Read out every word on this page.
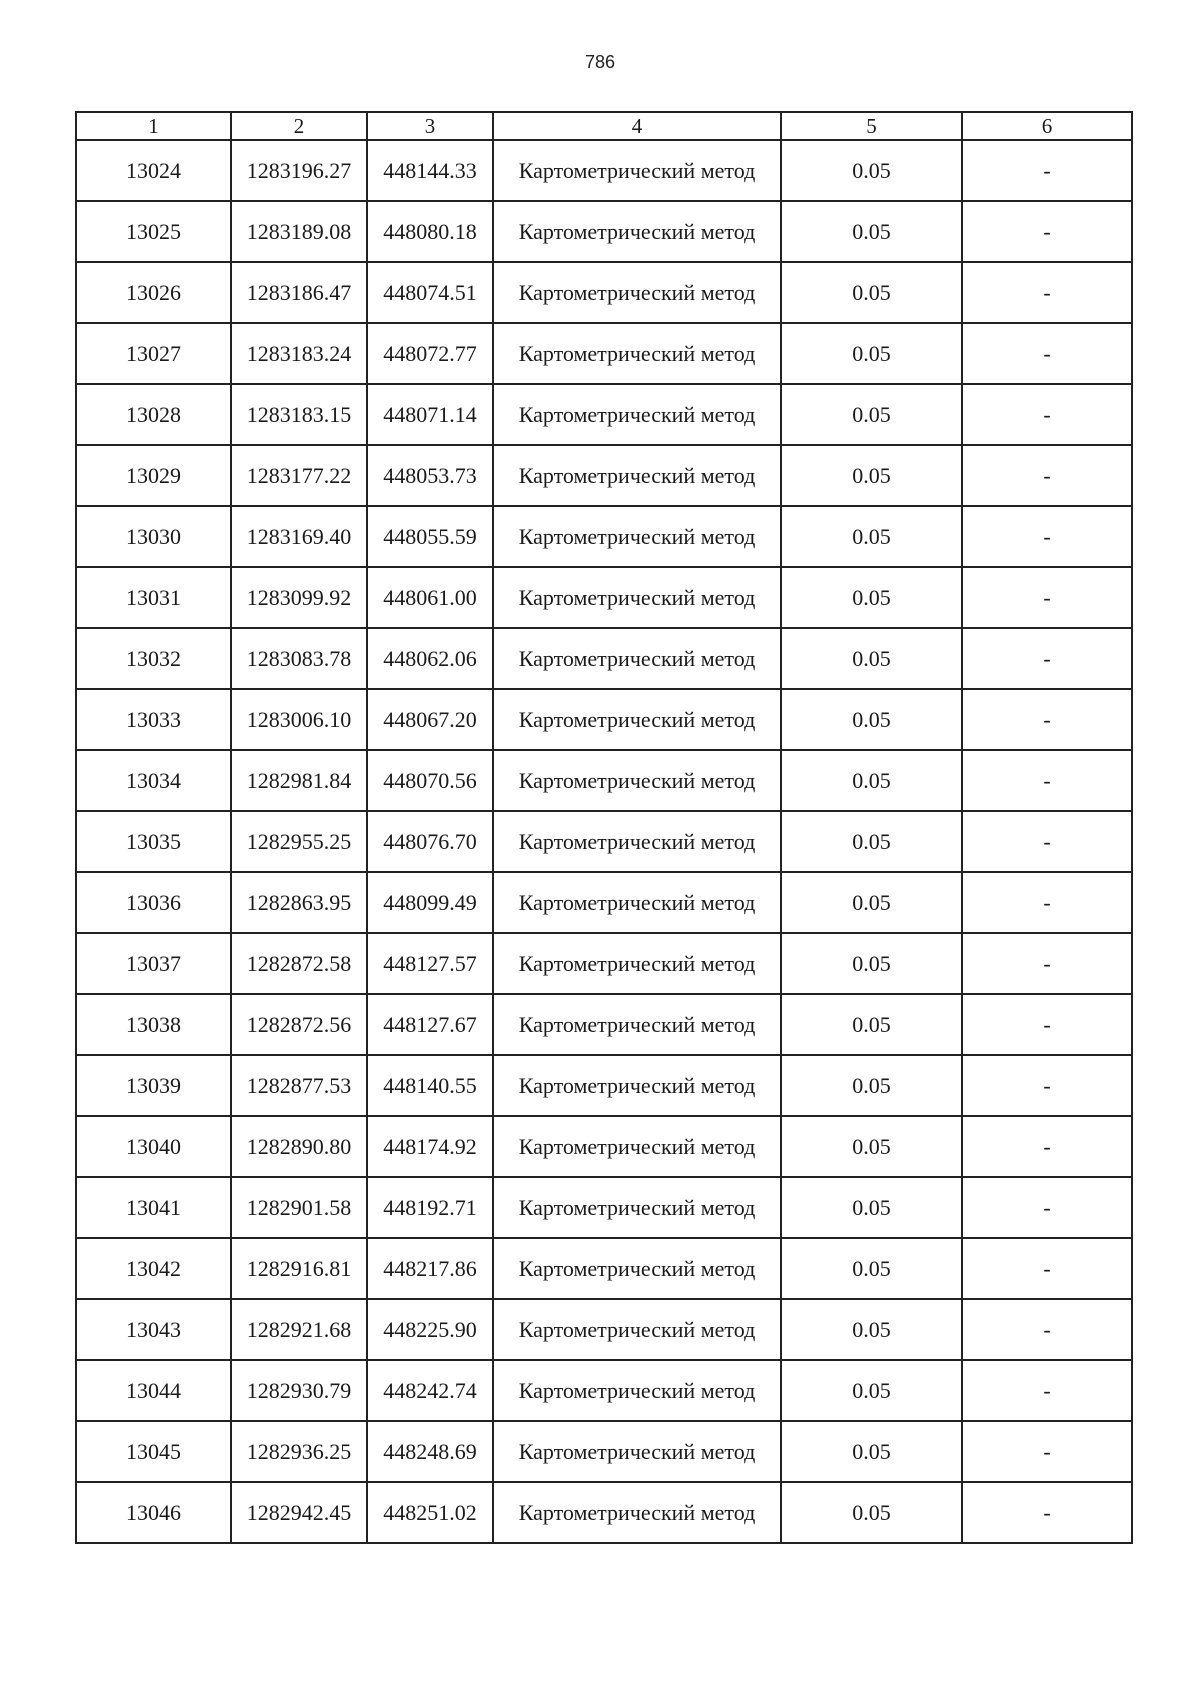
786
1	2	3	4	5	6
13024	1283196.27	448144.33	Картометрический метод	0.05	-
13025	1283189.08	448080.18	Картометрический метод	0.05	-
13026	1283186.47	448074.51	Картометрический метод	0.05	-
13027	1283183.24	448072.77	Картометрический метод	0.05	-
13028	1283183.15	448071.14	Картометрический метод	0.05	-
13029	1283177.22	448053.73	Картометрический метод	0.05	-
13030	1283169.40	448055.59	Картометрический метод	0.05	-
13031	1283099.92	448061.00	Картометрический метод	0.05	-
13032	1283083.78	448062.06	Картометрический метод	0.05	-
13033	1283006.10	448067.20	Картометрический метод	0.05	-
13034	1282981.84	448070.56	Картометрический метод	0.05	-
13035	1282955.25	448076.70	Картометрический метод	0.05	-
13036	1282863.95	448099.49	Картометрический метод	0.05	-
13037	1282872.58	448127.57	Картометрический метод	0.05	-
13038	1282872.56	448127.67	Картометрический метод	0.05	-
13039	1282877.53	448140.55	Картометрический метод	0.05	-
13040	1282890.80	448174.92	Картометрический метод	0.05	-
13041	1282901.58	448192.71	Картометрический метод	0.05	-
13042	1282916.81	448217.86	Картометрический метод	0.05	-
13043	1282921.68	448225.90	Картометрический метод	0.05	-
13044	1282930.79	448242.74	Картометрический метод	0.05	-
13045	1282936.25	448248.69	Картометрический метод	0.05	-
13046	1282942.45	448251.02	Картометрический метод	0.05	-
